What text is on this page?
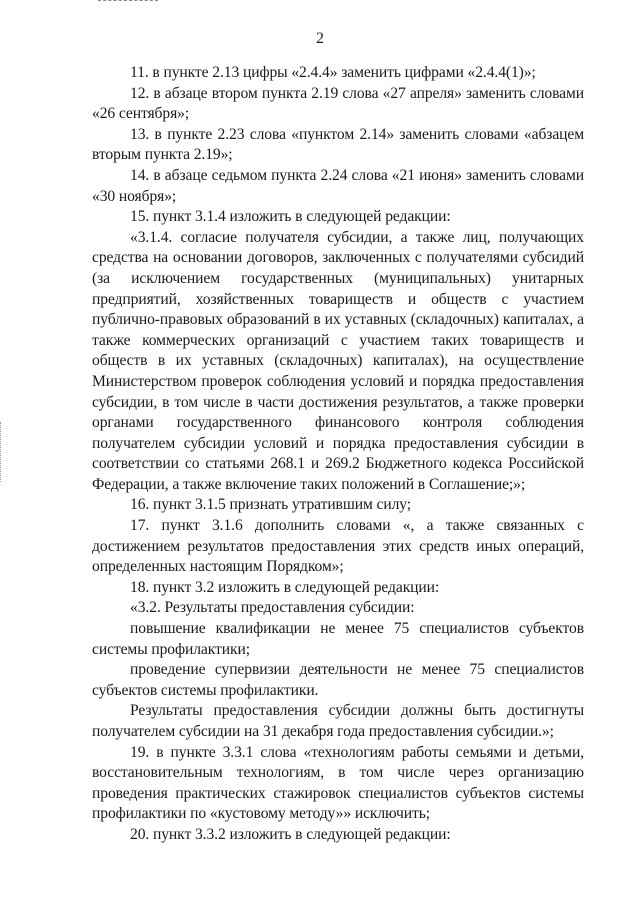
2

11. в пункте 2.13 цифры «2.4.4» заменить цифрами «2.4.4(1)»;

12. в абзаце втором пункта 2.19 слова «27 апреля» заменить словами «26 сентября»;

13. в пункте 2.23 слова «пунктом 2.14» заменить словами «абзацем вторым пункта 2.19»;

14. в абзаце седьмом пункта 2.24 слова «21 июня» заменить словами «30 ноября»;

15. пункт 3.1.4 изложить в следующей редакции:

«3.1.4. согласие получателя субсидии, а также лиц, получающих средства на основании договоров, заключенных с получателями субсидий (за исключением государственных (муниципальных) унитарных предприятий, хозяйственных товариществ и обществ с участием публично-правовых образований в их уставных (складочных) капиталах, а также коммерческих организаций с участием таких товариществ и обществ в их уставных (складочных) капиталах), на осуществление Министерством проверок соблюдения условий и порядка предоставления субсидии, в том числе в части достижения результатов, а также проверки органами государственного финансового контроля соблюдения получателем субсидии условий и порядка предоставления субсидии в соответствии со статьями 268.1 и 269.2 Бюджетного кодекса Российской Федерации, а также включение таких положений в Соглашение;»;

16. пункт 3.1.5 признать утратившим силу;

17. пункт 3.1.6 дополнить словами «, а также связанных с достижением результатов предоставления этих средств иных операций, определенных настоящим Порядком»;

18. пункт 3.2 изложить в следующей редакции:

«3.2. Результаты предоставления субсидии:

повышение квалификации не менее 75 специалистов субъектов системы профилактики;

проведение супервизии деятельности не менее 75 специалистов субъектов системы профилактики.

Результаты предоставления субсидии должны быть достигнуты получателем субсидии на 31 декабря года предоставления субсидии.»;

19. в пункте 3.3.1 слова «технологиям работы семьями и детьми, восстановительным технологиям, в том числе через организацию проведения практических стажировок специалистов субъектов системы профилактики по «кустовому методу»» исключить;

20. пункт 3.3.2 изложить в следующей редакции:
